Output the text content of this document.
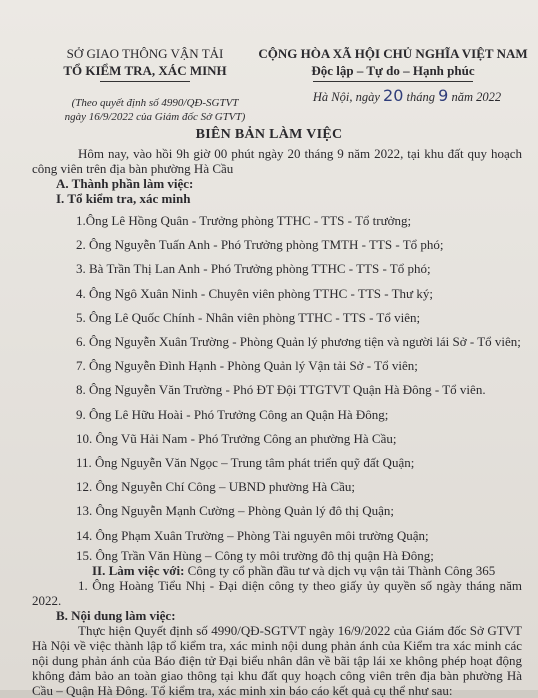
SỞ GIAO THÔNG VẬN TẢI
TỔ KIỂM TRA, XÁC MINH
CỘNG HÒA XÃ HỘI CHỦ NGHĨA VIỆT NAM
Độc lập – Tự do – Hạnh phúc
(Theo quyết định số 4990/QĐ-SGTVT
ngày 16/9/2022 của Giám đốc Sở GTVT)
Hà Nội, ngày 20 tháng 9 năm 2022
BIÊN BẢN LÀM VIỆC

Hôm nay, vào hồi 9h giờ 00 phút ngày 20 tháng 9 năm 2022, tại khu đất quy hoạch công viên trên địa bàn phường Hà Cầu

A. Thành phần làm việc:

I. Tổ kiểm tra, xác minh

1.Ông Lê Hồng Quân - Trưởng phòng TTHC - TTS - Tổ trưởng;

2. Ông Nguyễn Tuấn Anh - Phó Trưởng phòng TMTH - TTS - Tổ phó;

3. Bà Trần Thị Lan Anh - Phó Trưởng phòng TTHC - TTS - Tổ phó;

4. Ông Ngô Xuân Ninh - Chuyên viên phòng TTHC - TTS - Thư ký;

5. Ông Lê Quốc Chính - Nhân viên phòng TTHC - TTS - Tổ viên;

6. Ông Nguyễn Xuân Trường - Phòng Quản lý phương tiện và người lái Sở - Tổ viên;

7. Ông Nguyễn Đình Hạnh - Phòng Quản lý Vận tải Sở - Tổ viên;

8. Ông Nguyễn Văn Trường - Phó ĐT Đội TTGTVT Quận Hà Đông - Tổ viên.

9. Ông Lê Hữu Hoài - Phó Trưởng Công an Quận Hà Đông;

10. Ông Vũ Hải Nam - Phó Trưởng Công an phường Hà Cầu;

11. Ông Nguyễn Văn Ngọc – Trung tâm phát triển quỹ đất Quận;

12. Ông Nguyễn Chí Công – UBND phường Hà Cầu;

13. Ông Nguyễn Mạnh Cường – Phòng Quản lý đô thị Quận;

14. Ông Phạm Xuân Trường – Phòng Tài nguyên môi trường Quận;

15. Ông Trần Văn Hùng – Công ty môi trường đô thị quận Hà Đông;

II. Làm việc với: Công ty cổ phần đầu tư và dịch vụ vận tải Thành Công 365

1. Ông Hoàng Tiểu Nhị - Đại diện công ty theo giấy ủy quyền số ngày tháng năm 2022.

B. Nội dung làm việc:

Thực hiện Quyết định số 4990/QĐ-SGTVT ngày 16/9/2022 của Giám đốc Sở GTVT Hà Nội về việc thành lập tổ kiểm tra, xác minh nội dung phản ánh của Kiểm tra xác minh các nội dung phản ánh của Báo điện tử Đại biểu nhân dân về bãi tập lái xe không phép hoạt động không đảm bảo an toàn giao thông tại khu đất quy hoạch công viên trên địa bàn phường Hà Cầu – Quận Hà Đông. Tổ kiểm tra, xác minh xin báo cáo kết quả cụ thể như sau:
